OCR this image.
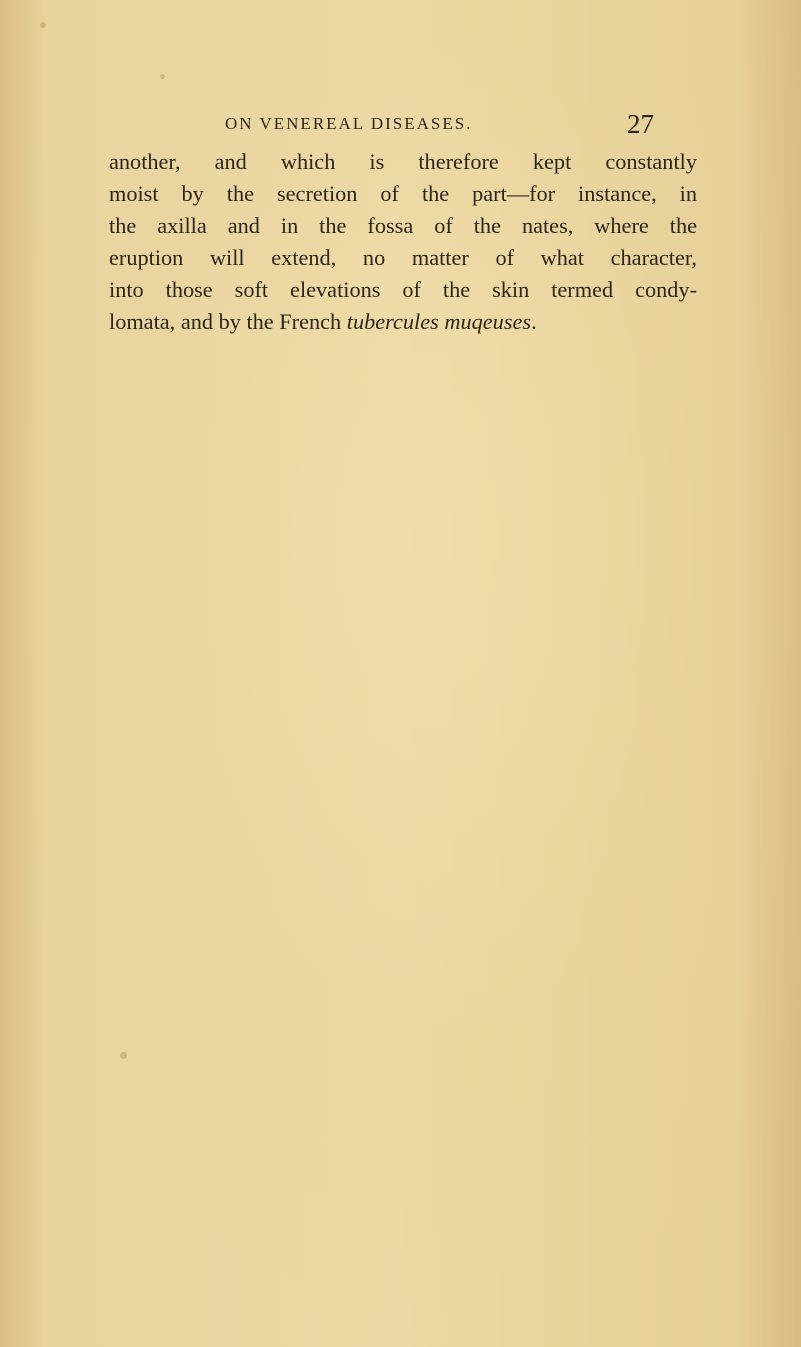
ON VENEREAL DISEASES.	27
another, and which is therefore kept constantly
moist by the secretion of the part—for instance, in
the axilla and in the fossa of the nates, where the
eruption will extend, no matter of what character,
into those soft elevations of the skin termed condy-
lomata, and by the French tubercules muqeuses.
